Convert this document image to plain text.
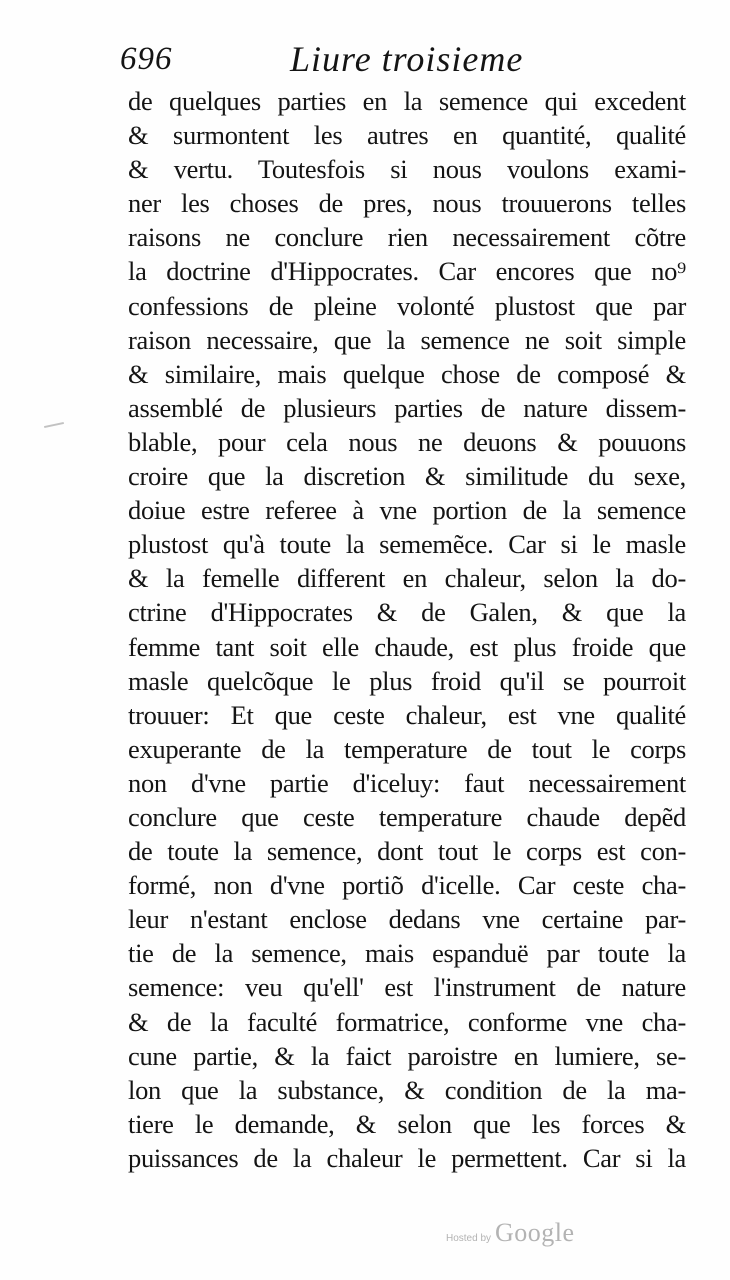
696	Liure troisieme
de quelques parties en la semence qui excedent
& surmontent les autres en quantité, qualité
& vertu. Toutesfois si nous voulons exami-
ner les choses de pres, nous trouuerons telles
raisons ne conclure rien necessairement cõtre
la doctrine d'Hippocrates. Car encores que no⁹
confessions de pleine volonté plustost que par
raison necessaire, que la semence ne soit simple
& similaire, mais quelque chose de composé &
assemblé de plusieurs parties de nature dissem-
blable, pour cela nous ne deuons & pouuons
croire que la discretion & similitude du sexe,
doiue estre referee à vne portion de la semence
plustost qu'à toute la sememẽce. Car si le masle
& la femelle different en chaleur, selon la do-
ctrine d'Hippocrates & de Galen, & que la
femme tant soit elle chaude, est plus froide que
masle quelcõque le plus froid qu'il se pourroit
trouuer: Et que ceste chaleur, est vne qualité
exuperante de la temperature de tout le corps
non d'vne partie d'iceluy: faut necessairement
conclure que ceste temperature chaude depẽd
de toute la semence, dont tout le corps est con-
formé, non d'vne portiõ d'icelle. Car ceste cha-
leur n'estant enclose dedans vne certaine par-
tie de la semence, mais espanduë par toute la
semence: veu qu'ell' est l'instrument de nature
& de la faculté formatrice, conforme vne cha-
cune partie, & la faict paroistre en lumiere, se-
lon que la substance, & condition de la ma-
tiere le demande, & selon que les forces &
puissances de la chaleur le permettent. Car si la
Hosted by Google
